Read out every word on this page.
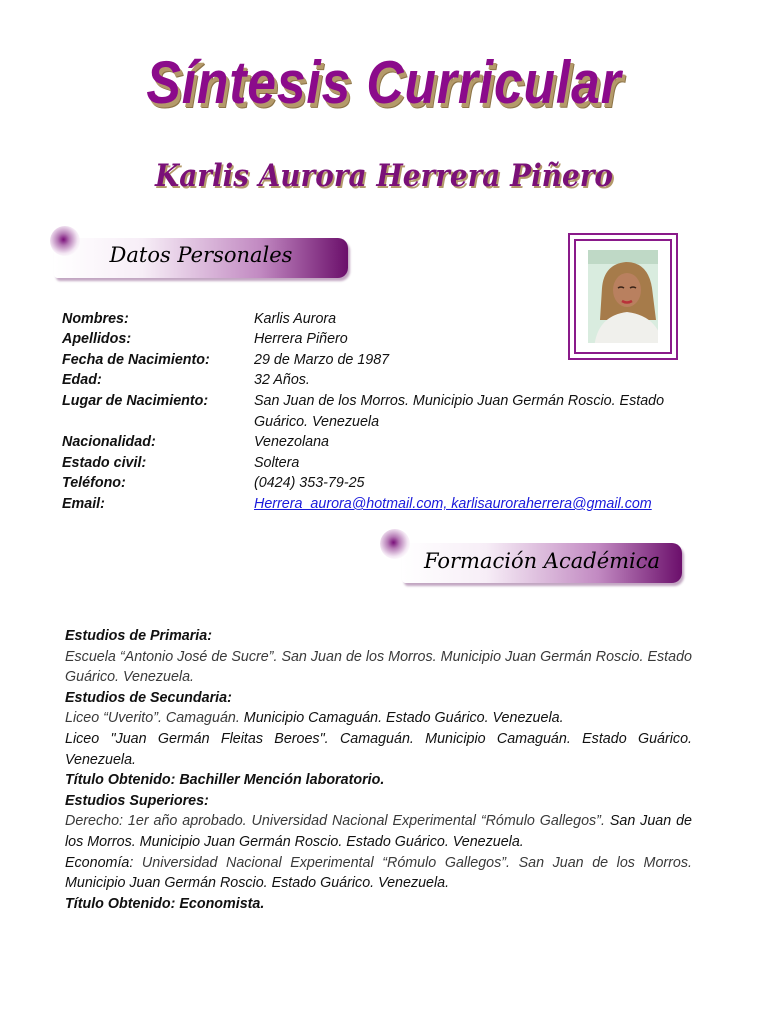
Síntesis Curricular
Karlis Aurora Herrera Piñero
Datos Personales
Nombres:	Karlis Aurora
Apellidos:	Herrera Piñero
Fecha de Nacimiento:	29 de Marzo de 1987
Edad:	32 Años.
Lugar de Nacimiento:	San Juan de los Morros. Municipio Juan Germán Roscio. Estado Guárico. Venezuela
Nacionalidad:	Venezolana
Estado civil:	Soltera
Teléfono:	(0424) 353-79-25
Email:	Herrera_aurora@hotmail.com, karlisauroraherrera@gmail.com
Formación Académica

Estudios de Primaria:

Escuela “Antonio José de Sucre”. San Juan de los Morros. Municipio Juan Germán Roscio. Estado Guárico. Venezuela.

Estudios de Secundaria:

Liceo “Uverito”. Camaguán. Municipio Camaguán. Estado Guárico. Venezuela.

Liceo "Juan Germán Fleitas Beroes". Camaguán. Municipio Camaguán. Estado Guárico. Venezuela.

Título Obtenido: Bachiller Mención laboratorio.

Estudios Superiores:

Derecho: 1er año aprobado. Universidad Nacional Experimental “Rómulo Gallegos”. San Juan de los Morros. Municipio Juan Germán Roscio. Estado Guárico. Venezuela.

Economía: Universidad Nacional Experimental “Rómulo Gallegos”. San Juan de los Morros. Municipio Juan Germán Roscio. Estado Guárico. Venezuela.

Título Obtenido: Economista.
